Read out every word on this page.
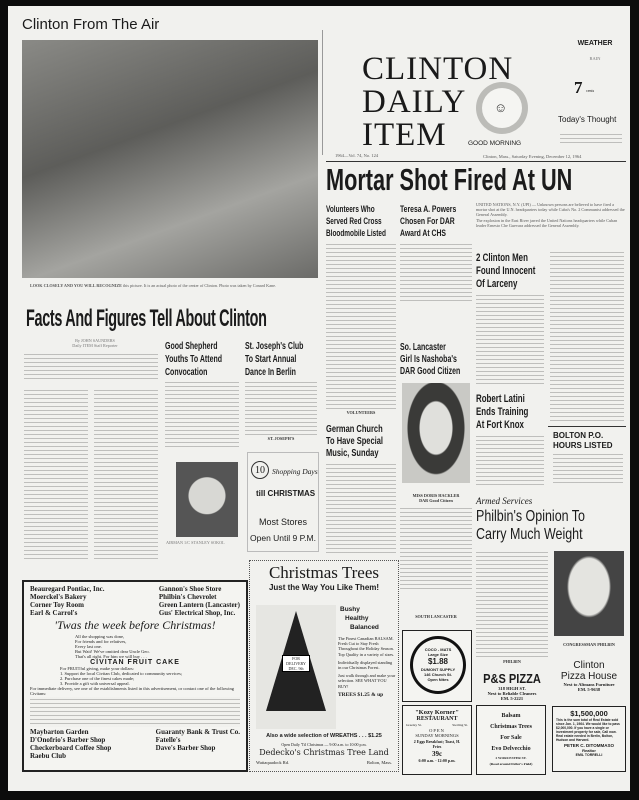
Clinton From The Air
LOOK CLOSELY AND YOU WILL RECOGNIZE this picture. It is an actual photo of the center of Clinton. Photo was taken by Conard Kane.
Facts And Figures Tell About Clinton
By JOHN SAUNDERS
Daily ITEM Staff Reporter	Good Shepherd
Youths To Attend
Convocation
St. Joseph's Club
To Start Annual
Dance In Berlin
ST. JOSEPH'S
AIRMAN 1/C STANLEY SOKOL
10 Shopping Days
till CHRISTMAS
Most Stores
Open Until 9 P.M.
Beauregard Pontiac, Inc.
Moerckel's Bakery
Corner Toy Room
Earl & Carrol's
Gannon's Shoe Store
Philbin's Chevrolet
Green Lantern (Lancaster)
Gus' Electrical Shop, Inc.
'Twas the week before Christmas!
All the shopping was done,
For friends and for relatives,
Every last one.
But Wait! We've omitted dear Uncle Geo.
That's all right. For him we will buy . . .
CIVITAN FRUIT CAKE
For FRUITful giving, make your dollars:
1. Support the local Civitan Club, dedicated to community services;
2. Purchase one of the finest cakes made;
3. Provide a gift with universal appeal.
For immediate delivery, see one of the establishments listed in this advertisement, or contact one of the following Civitans:
Maybarton Garden
D'Onofrio's Barber Shop
Checkerboard Coffee Shop
Raebu Club
Guaranty Bank & Trust Co.
Fatelle's
Dave's Barber Shop
Christmas Trees
Just the Way You Like Them!
FOR DELIVERY DEC. 9th
Bushy
Healthy
Balanced
The Finest Canadian BALSAM. Fresh Cut to Stay Fresh Throughout the Holiday Season. Top Quality in a variety of sizes.
Individually displayed standing in our Christmas Forest.
Just walk through and make your selection. SEE WHAT YOU BUY!
TREES $1.25 & up
Also a wide selection of WREATHS . . . $1.25
Open Daily 'Til Christmas — 9:00 a.m. to 10:00 p.m.
Dedecko's Christmas Tree Land
Wattaquadock Rd.	Bolton, Mass.
CLINTON
DAILY
ITEM
☺
GOOD MORNING
1964—Vol. 74, No. 124	Clinton, Mass., Saturday Evening, December 12, 1964
WEATHER
RAIN
7 cents
Today's Thought
Mortar Shot Fired At UN
Volunteers Who
Served Red Cross
Bloodmobile Listed
VOLUNTEERS
German Church
To Have Special
Music, Sunday
Teresa A. Powers
Chosen For DAR
Award At CHS
So. Lancaster
Girl Is Nashoba's
DAR Good Citizen
MISS DORIS HACKLER
DAR Good Citizen
SOUTH LANCASTER
UNITED NATIONS, N.Y. (UPI) — Unknown persons are believed to have fired a mortar shot at the U.N. headquarters today while Cuba's No. 2 Communist addressed the General Assembly.
The explosion in the East River jarred the United Nations headquarters while Cuban leader Ernesto Che Guevara addressed the General Assembly.
2 Clinton Men
Found Innocent
Of Larceny
Robert Latini
Ends Training
At Fort Knox
BOLTON P.O.
HOURS LISTED
Armed Services
Philbin's Opinion To
Carry Much Weight
PHILBIN
CONGRESSMAN PHILBIN
COCO - MATS
Large Size
$1.88
DUMONT SUPPLY
146 Church St.
Open Nites	P&S PIZZA
318 HIGH ST.
Next to Reliable Cleaners
EM. 5-2221
Clinton
Pizza House
Next to Altmans Furniture
EM. 5-9638
"Kozy Korner"
RESTAURANT
Greeley St.	Sterling St.
OPEN
SUNDAY MORNINGS
2 Eggs Breakfast; Toast, H. Fries
39c
6:00 a.m. - 12:00 p.m.
Balsam
Christmas Trees
For Sale
Evo Delvecchio
2 WORCESTER ST.
(Road around Fuller's Field)
$1,500,000
This is the sum total of Real Estate sold since Jan. 1, 1964. We would like to pass $2,000,000. If you have a single or investment property for sale, Call now. Real estate needed in Berlin, Bolton, Hudson and Harvard.
PETER C. DITOMMASO
Realtor
EMIL TORRELLI
